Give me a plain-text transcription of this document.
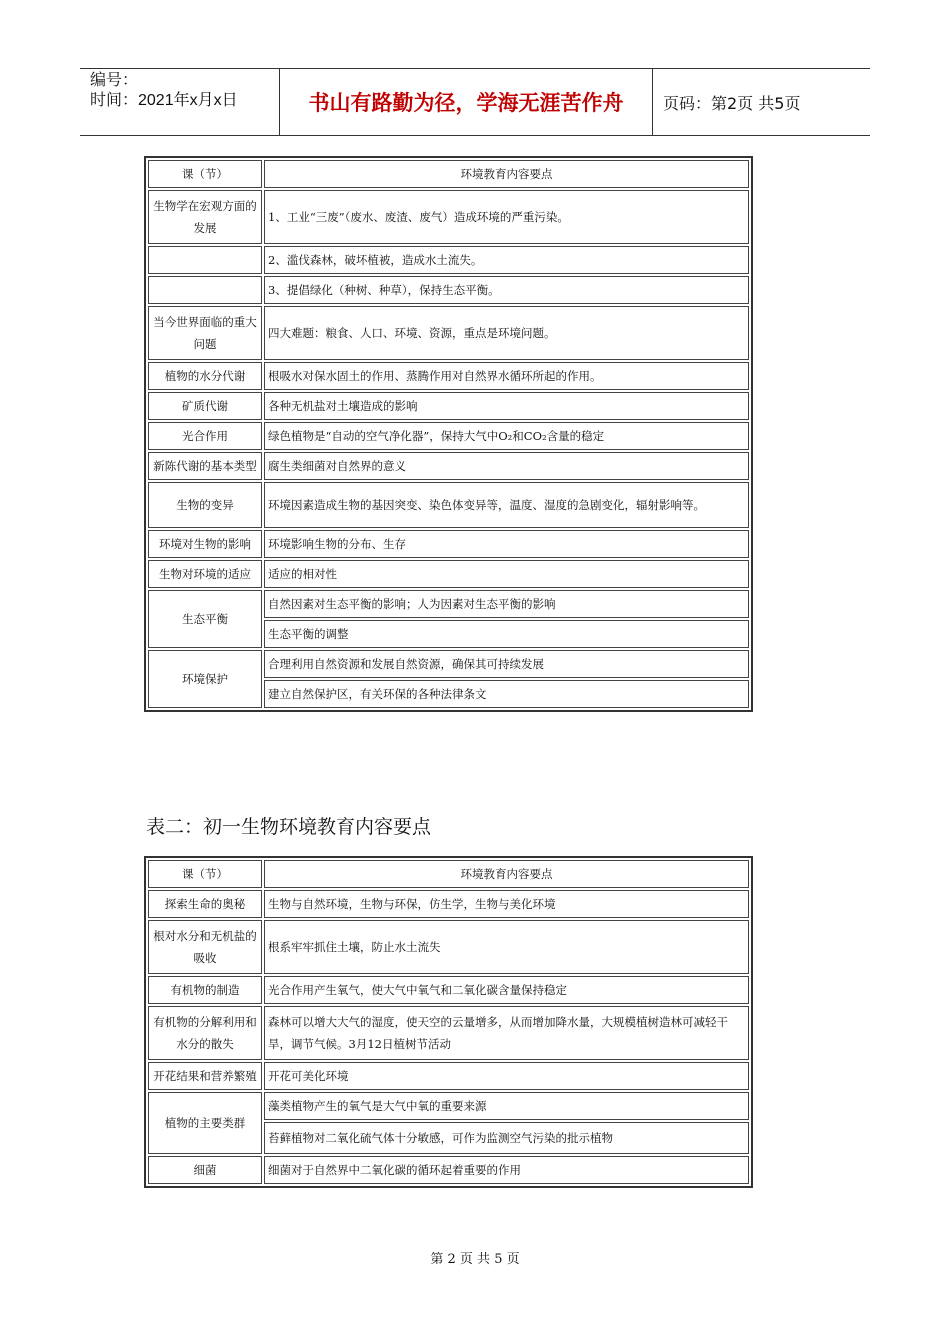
编号：
时间：2021年x月x日	书山有路勤为径，学海无涯苦作舟	页码：第2页 共5页
课（节）	环境教育内容要点
生物学在宏观方面的发展	1、工业“三废”（废水、废渣、废气）造成环境的严重污染。
	2、滥伐森林，破坏植被，造成水土流失。
	3、提倡绿化（种树、种草），保持生态平衡。
当今世界面临的重大问题	四大难题：粮食、人口、环境、资源，重点是环境问题。
植物的水分代谢	根吸水对保水固土的作用、蒸腾作用对自然界水循环所起的作用。
矿质代谢	各种无机盐对土壤造成的影响
光合作用	绿色植物是“自动的空气净化器”，保持大气中O₂和CO₂含量的稳定
新陈代谢的基本类型	腐生类细菌对自然界的意义
生物的变异	环境因素造成生物的基因突变、染色体变异等，温度、湿度的急剧变化，辐射影响等。
环境对生物的影响	环境影响生物的分布、生存
生物对环境的适应	适应的相对性
生态平衡	自然因素对生态平衡的影响；人为因素对生态平衡的影响
	生态平衡的调整
环境保护	合理利用自然资源和发展自然资源，确保其可持续发展
	建立自然保护区，有关环保的各种法律条文
表二：初一生物环境教育内容要点
课（节）	环境教育内容要点
探索生命的奥秘	生物与自然环境，生物与环保，仿生学，生物与美化环境
根对水分和无机盐的吸收	根系牢牢抓住土壤，防止水土流失
有机物的制造	光合作用产生氧气，使大气中氧气和二氧化碳含量保持稳定
有机物的分解利用和水分的散失	森林可以增大大气的湿度，使天空的云量增多，从而增加降水量，大规模植树造林可减轻干旱，调节气候。3月12日植树节活动
开花结果和营养繁殖	开花可美化环境
植物的主要类群	藻类植物产生的氧气是大气中氧的重要来源
	苔藓植物对二氧化硫气体十分敏感，可作为监测空气污染的批示植物
细菌	细菌对于自然界中二氧化碳的循环起着重要的作用
第 2 页 共 5 页
